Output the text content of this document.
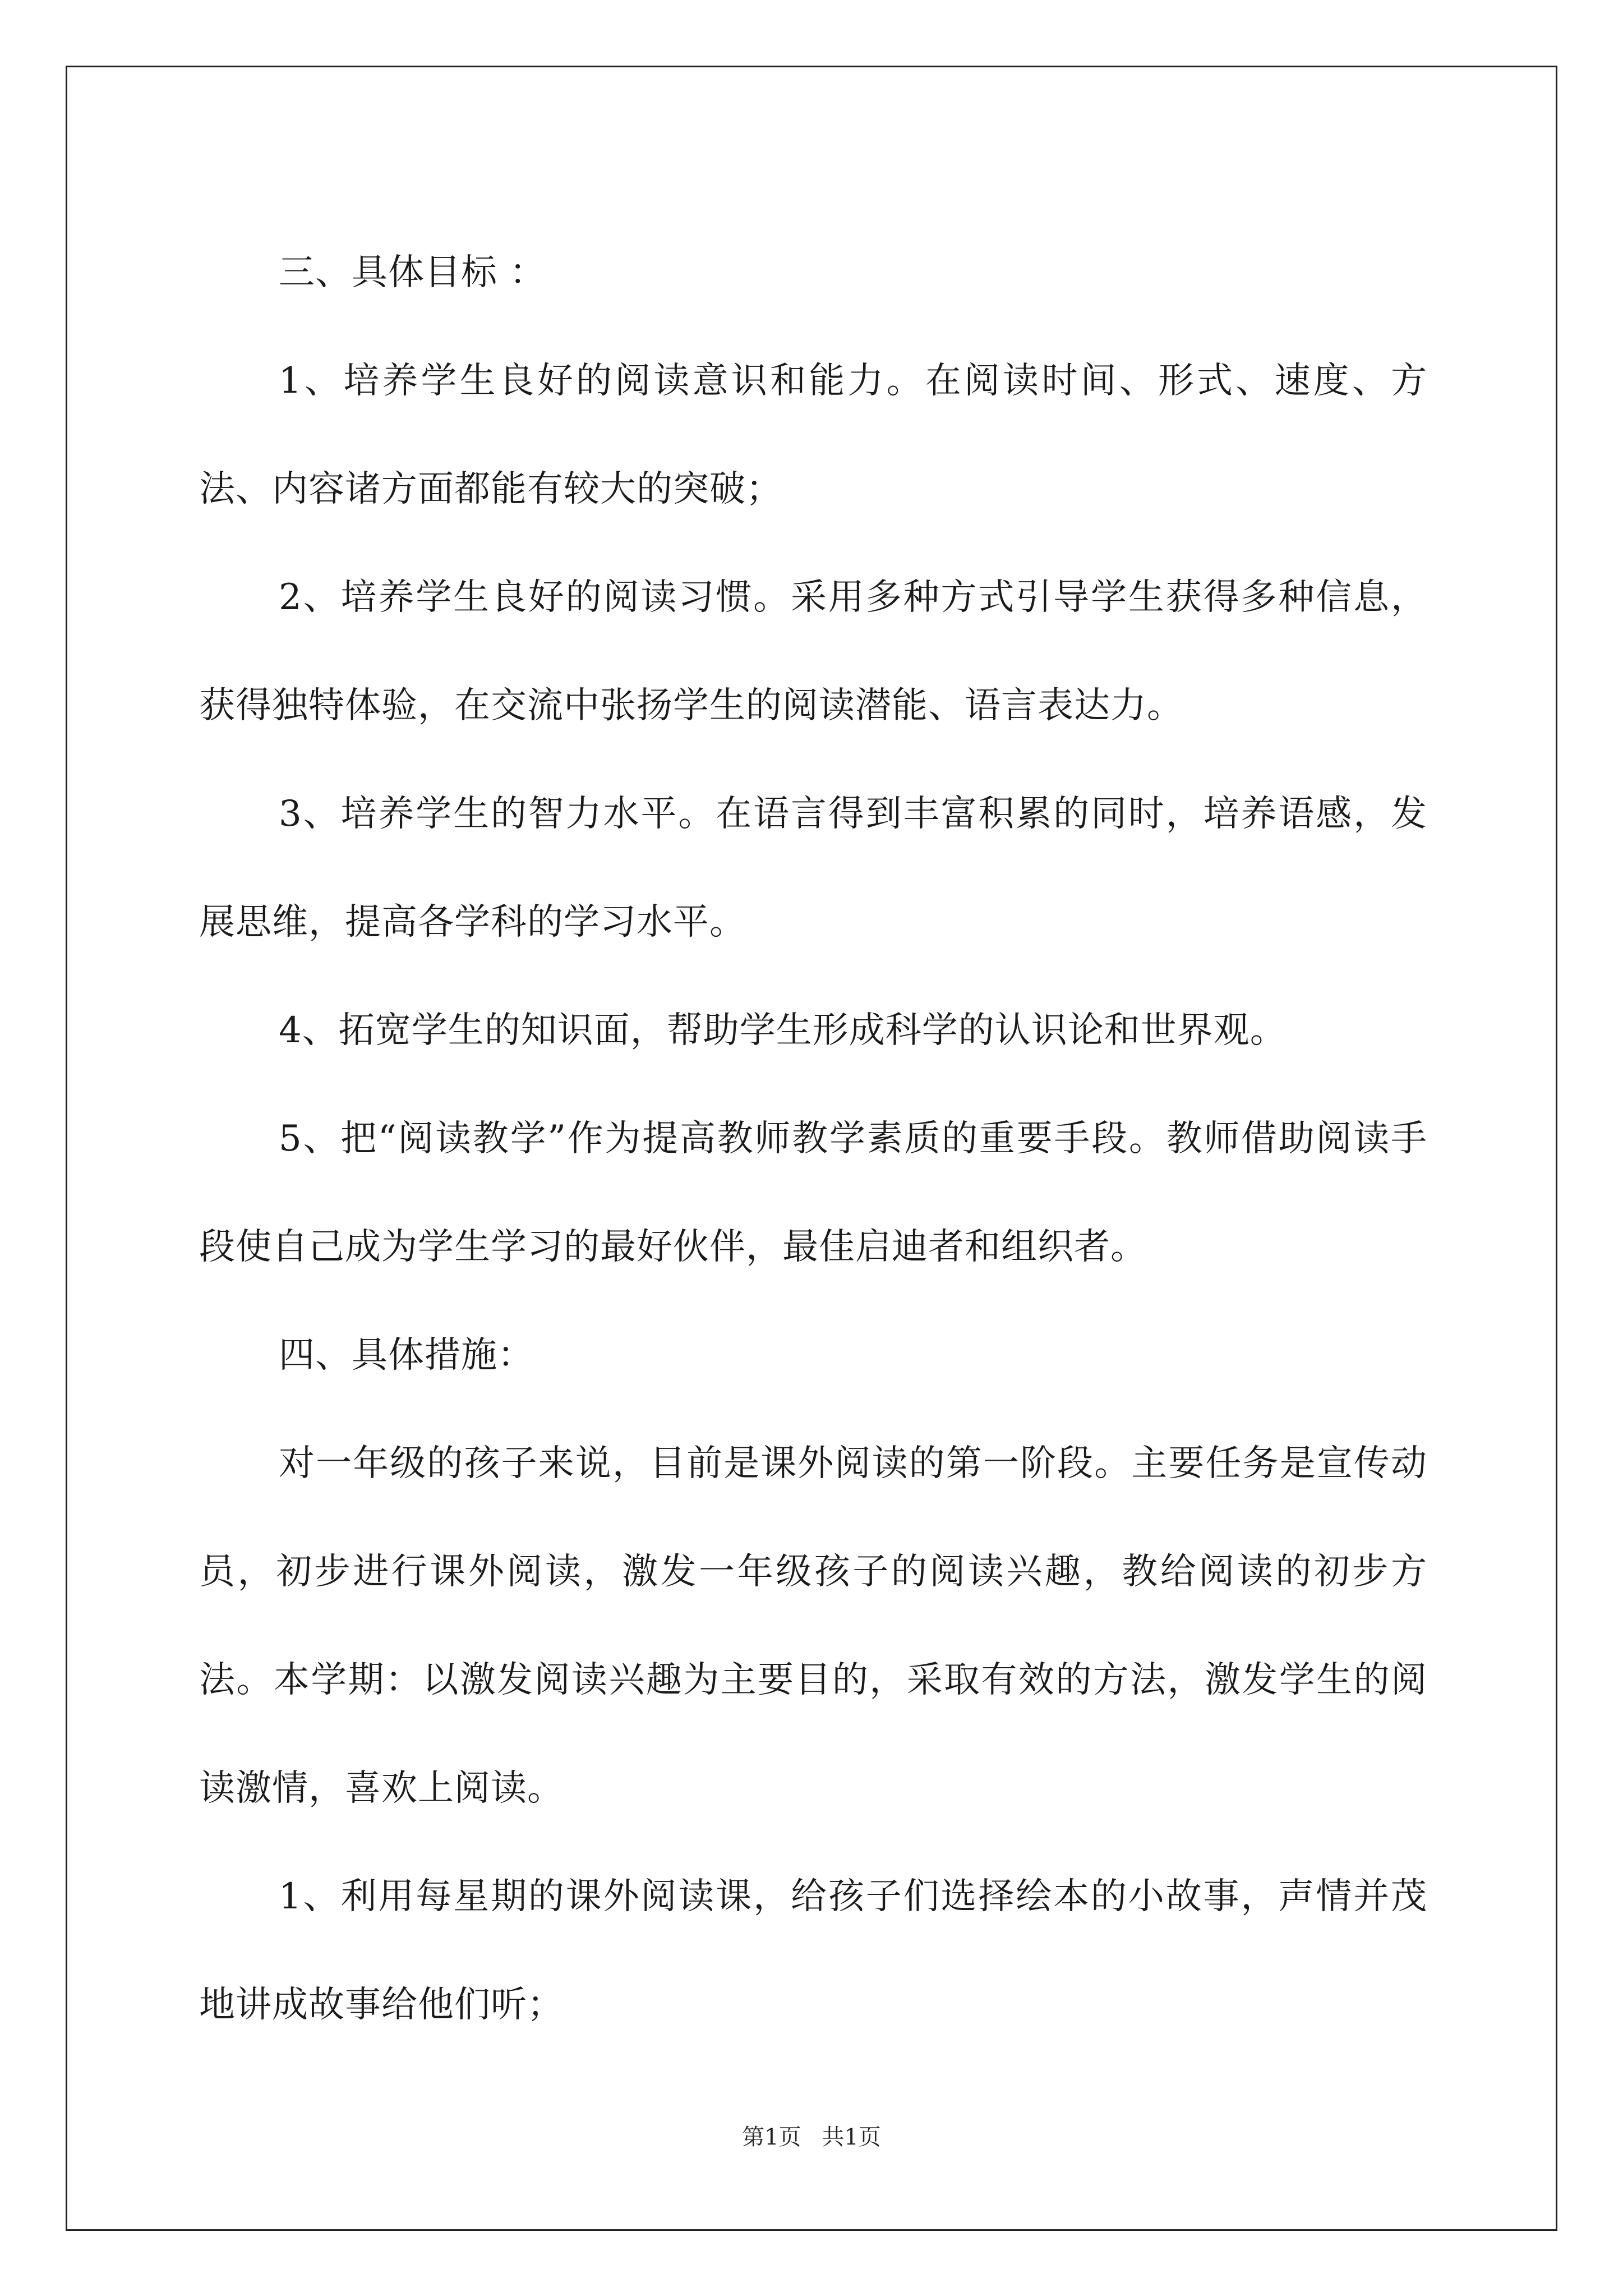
三、具体目标 ：

1、培养学生良好的阅读意识和能力。在阅读时间、形式、速度、方法、内容诸方面都能有较大的突破；

2、培养学生良好的阅读习惯。采用多种方式引导学生获得多种信息，获得独特体验，在交流中张扬学生的阅读潜能、语言表达力。

3、培养学生的智力水平。在语言得到丰富积累的同时，培养语感，发展思维，提高各学科的学习水平。

4、拓宽学生的知识面，帮助学生形成科学的认识论和世界观。

5、把“阅读教学”作为提高教师教学素质的重要手段。教师借助阅读手段使自己成为学生学习的最好伙伴，最佳启迪者和组织者。

四、具体措施：

对一年级的孩子来说，目前是课外阅读的第一阶段。主要任务是宣传动员，初步进行课外阅读，激发一年级孩子的阅读兴趣，教给阅读的初步方法。本学期：以激发阅读兴趣为主要目的，采取有效的方法，激发学生的阅读激情，喜欢上阅读。

1、利用每星期的课外阅读课，给孩子们选择绘本的小故事，声情并茂地讲成故事给他们听；

第1页 共1页
